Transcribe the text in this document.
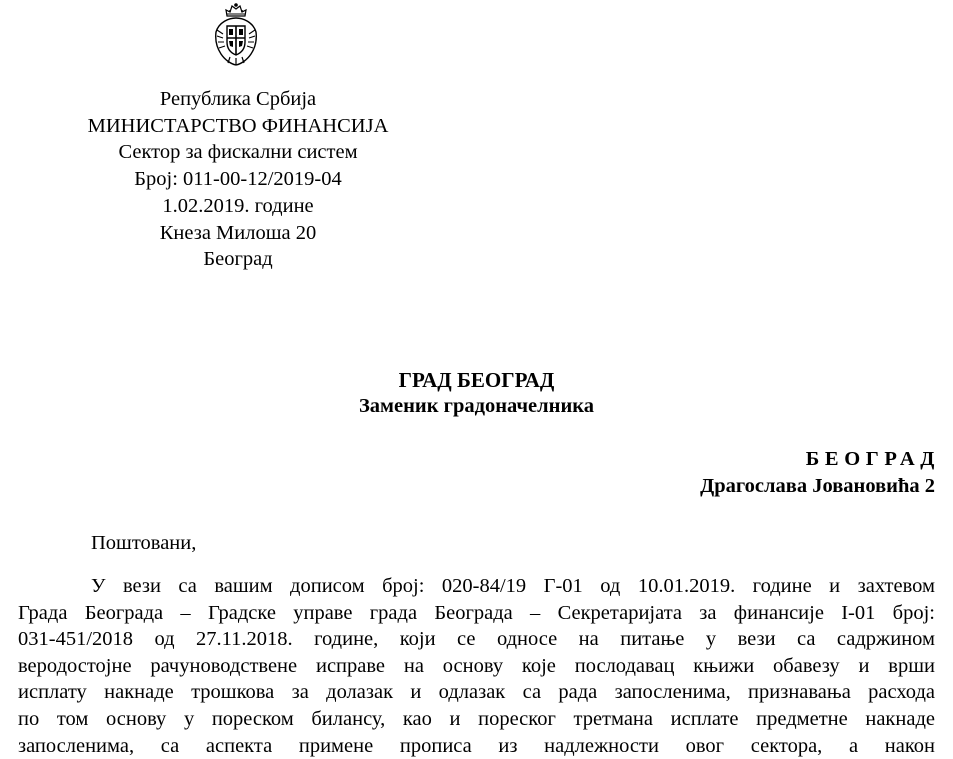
Република Србија
МИНИСТАРСТВО ФИНАНСИЈА
Сектор за фискални систем
Број: 011-00-12/2019-04
1.02.2019. године
Кнеза Милоша 20
Београд
ГРАД БЕОГРАД
Заменик градоначелника
БЕОГРАД
Драгослава Јовановића 2
Поштовани,
У вези са вашим дописом број: 020-84/19 Г-01 од 10.01.2019. године и захтевом
Града Београда – Градске управе града Београда – Секретаријата за финансије I-01 број:
031-451/2018 од 27.11.2018. године, који се односе на питање у вези са садржином
веродостојне рачуноводствене исправе на основу које послодавац књижи обавезу и врши
исплату накнаде трошкова за долазак и одлазак са рада запосленима, признавања расхода
по том основу у пореском билансу, као и пореског третмана исплате предметне накнаде
запосленима, са аспекта примене прописа из надлежности овог сектора, а након
